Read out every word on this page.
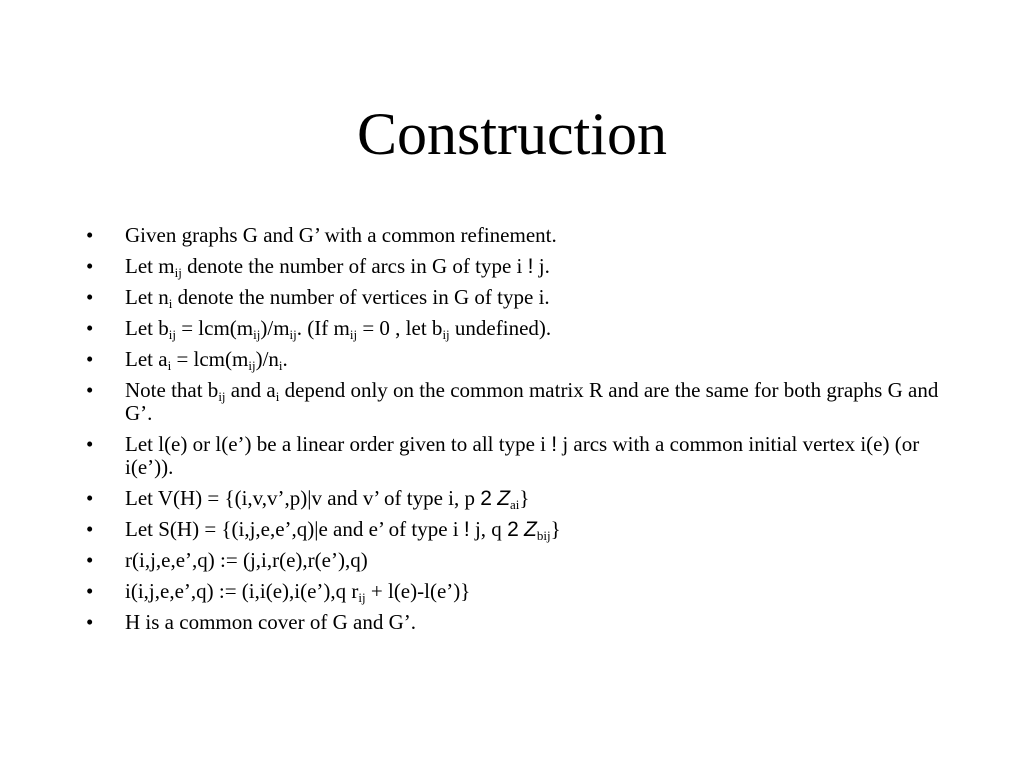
Construction
• Given graphs G and G’ with a common refinement.
• Let $m_{ij}$ denote the number of arcs in G of type i ! j.
• Let $n_i$ denote the number of vertices in G of type i.
• Let $b_{ij} = lcm(m_{ij})/m_{ij}$. (If $m_{ij} = 0$ , let $b_{ij}$ undefined).
• Let $a_i = lcm(m_{ij})/n_i$.
• Note that $b_{ij}$ and $a_i$ depend only on the common matrix R and are the same for both graphs G and G’.
• Let l(e) or l(e’) be a linear order given to all type i ! j arcs with a common initial vertex i(e) (or i(e’)).
• Let V(H) = {(i,v,v’,p)|v and v’ of type i, p 2 $Z_{ai}$}
• Let S(H) = {(i,j,e,e’,q)|e and e’ of type i ! j, q 2 $Z_{bij}$}
• r(i,j,e,e’,q) := (j,i,r(e),r(e’),q)
• i(i,j,e,e’,q) := (i,i(e),i(e’),q $r_{ij}$ + l(e)-l(e’)}
• H is a common cover of G and G’.
